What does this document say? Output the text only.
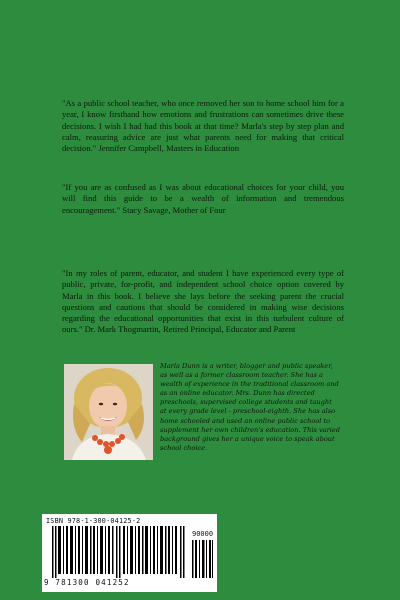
"As a public school teacher, who once removed her son to home school him for a year, I know firsthand how emotions and frustrations can sometimes drive these decisions. I wish I had had this book at that time? Marla's step by step plan and calm, reasuring advice are just what parents need for making that critical decision." Jennifer Campbell, Masters in Education

"If you are as confused as I was about educational choices for your child, you will find this guide to be a wealth of information and tremendous encouragement." Stacy Savage, Mother of Four

"In my roles of parent, educator, and student I have experienced every type of public, private, for-profit, and independent school choice option covered by Marla in this book. I believe she lays before the seeking parent the crucial questions and cautions that should be considered in making wise decisions regarding the educational opportunities that exist in this turbulent culture of ours." Dr. Mark Thogmartin, Retired Principal, Educator and Parent

Marla Dunn is a writer, blogger and public speaker, as well as a former classroom teacher. She has a wealth of experience in the traditional classroom and as an online educator. Mrs. Dunn has directed preschools, supervised college students and taught at every grade level - preschool-eighth. She has also home schooled and used an online public school to supplement her own children's education. This varied background gives her a unique voice to speak about school choice.

ISBN 978-1-300-04125-2
90000
9 781300 041252
